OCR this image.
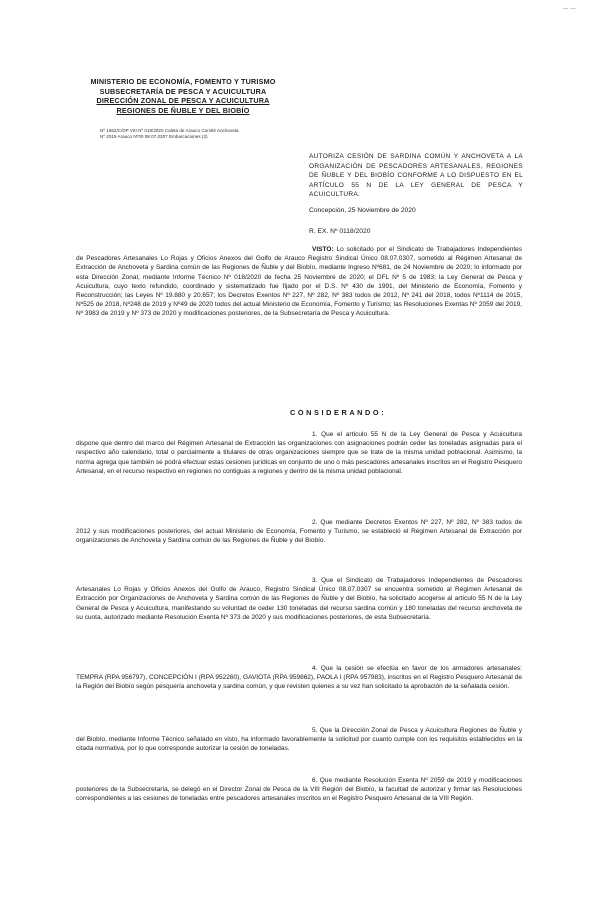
— —
MINISTERIO DE ECONOMÍA, FOMENTO Y TURISMO
SUBSECRETARÍA DE PESCA Y ACUICULTURA
DIRECCIÓN ZONAL DE PESCA Y ACUICULTURA
REGIONES DE ÑUBLE Y DEL BIOBÍO
Nº 1662/C/DP VIII Nº 018/2020 Caleta de Arauco Comité Anchoveta
Nº 2019 Arauco Nº00 08.07.0307 Embarcaciones (2)
AUTORIZA CESIÓN DE SARDINA COMÚN Y ANCHOVETA A LA ORGANIZACIÓN DE PESCADORES ARTESANALES, REGIONES DE ÑUBLE Y DEL BIOBÍO CONFORME A LO DISPUESTO EN EL ARTÍCULO 55 N DE LA LEY GENERAL DE PESCA Y ACUICULTURA.
Concepción, 25 Noviembre de 2020
R. EX. Nº 0118/2020

VISTO: Lo solicitado por el Sindicato de Trabajadores Independientes de Pescadores Artesanales Lo Rojas y Oficios Anexos del Golfo de Arauco Registro Sindical Único 08.07.0307, sometido al Régimen Artesanal de Extracción de Anchoveta y Sardina común de las Regiones de Ñuble y del Biobío, mediante Ingreso Nº681, de 24 Noviembre de 2020; lo informado por esta Dirección Zonal, mediante Informe Técnico Nº 018/2020 de fecha 25 Noviembre de 2020; el DFL Nº 5 de 1983; la Ley General de Pesca y Acuicultura, cuyo texto refundido, coordinado y sistematizado fue fijado por el D.S. Nº 430 de 1991, del Ministerio de Economía, Fomento y Reconstrucción; las Leyes Nº 19.880 y 20.657; los Decretos Exentos Nº 227, Nº 282, Nº 383 todos de 2012, Nº 241 del 2018, todos Nº1114 de 2015, Nº525 de 2018, Nº248 de 2019 y Nº49 de 2020 todos del actual Ministerio de Economía, Fomento y Turismo; las Resoluciones Exentas Nº 2059 del 2019, Nº 3983 de 2019 y Nº 373 de 2020 y modificaciones posteriores, de la Subsecretaría de Pesca y Acuicultura.

CONSIDERANDO:

1. Que el artículo 55 N de la Ley General de Pesca y Acuicultura dispone que dentro del marco del Régimen Artesanal de Extracción las organizaciones con asignaciones podrán ceder las toneladas asignadas para el respectivo año calendario, total o parcialmente a titulares de otras organizaciones siempre que se trate de la misma unidad poblacional. Asimismo, la norma agrega que también se podrá efectuar estas cesiones jurídicas en conjunto de uno o más pescadores artesanales inscritos en el Registro Pesquero Artesanal, en el recurso respectivo en regiones no contiguas a regiones y dentro de la misma unidad poblacional.

2. Que mediante Decretos Exentos Nº 227, Nº 282, Nº 383 todos de 2012 y sus modificaciones posteriores, del actual Ministerio de Economía, Fomento y Turismo, se estableció el Régimen Artesanal de Extracción por organizaciones de Anchoveta y Sardina común de las Regiones de Ñuble y del Biobío.

3. Que el Sindicato de Trabajadores Independientes de Pescadores Artesanales Lo Rojas y Oficios Anexos del Golfo de Arauco, Registro Sindical Único 08.07.0307 se encuentra sometido al Régimen Artesanal de Extracción por Organizaciones de Anchoveta y Sardina común de las Regiones de Ñuble y del Biobío, ha solicitado acogerse al artículo 55 N de la Ley General de Pesca y Acuicultura, manifestando su voluntad de ceder 130 toneladas del recurso sardina común y 180 toneladas del recurso anchoveta de su cuota, autorizado mediante Resolución Exenta Nº 373 de 2020 y sus modificaciones posteriores, de esta Subsecretaría.

4. Que la cesión se efectúa en favor de los armadores artesanales: TEMPRA (RPA 956797), CONCEPCIÓN I (RPA 952260), GAVIOTA (RPA 959862), PAOLA I (RPA 957983), inscritos en el Registro Pesquero Artesanal de la Región del Biobío según pesquería anchoveta y sardina común, y que revisten quienes a su vez han solicitado la aprobación de la señalada cesión.

5. Que la Dirección Zonal de Pesca y Acuicultura Regiones de Ñuble y del Biobío, mediante Informe Técnico señalado en visto, ha informado favorablemente la solicitud por cuanto cumple con los requisitos establecidos en la citada normativa, por lo que corresponde autorizar la cesión de toneladas.

6. Que mediante Resolución Exenta Nº 2059 de 2019 y modificaciones posteriores de la Subsecretaría, se delegó en el Director Zonal de Pesca de la VIII Región del Biobío, la facultad de autorizar y firmar las Resoluciones correspondientes a las cesiones de toneladas entre pescadores artesanales inscritos en el Registro Pesquero Artesanal de la VIII Región.
